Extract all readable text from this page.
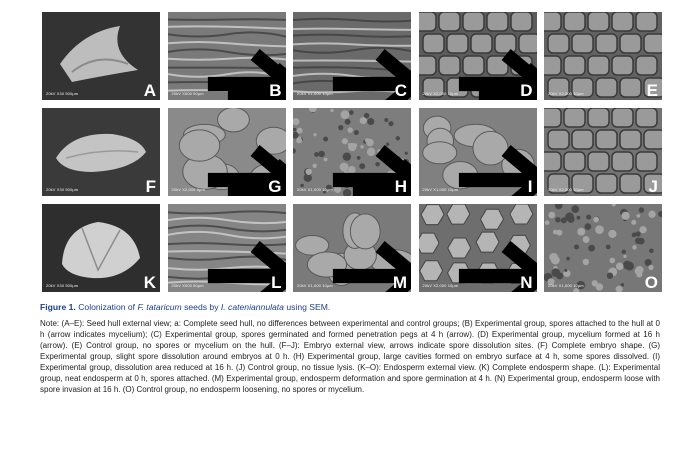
20kV X30 500µm	A	20kV X500 50µm	B	20kV X1,000 10µm	C	20kV X2,000 10µm	D	20kV X2,000 10µm	E
20kV X30 500µm	F	20kV X2,000 5µm	G	20kV X1,000 10µm	H	20kV X1,000 10µm	I	20kV X2,000 10µm	J
20kV X30 500µm	K	20kV X500 50µm	L	20kV X1,000 10µm	M	20kV X2,000 10µm	N	20kV X1,000 10µm	O

Figure 1. Colonization of F. tataricum seeds by I. cateniannulata using SEM.

Note: (A–E): Seed hull external view; a: Complete seed hull, no differences between experimental and control groups; (B) Experimental group, spores attached to the hull at 0 h (arrow indicates mycelium); (C) Experimental group, spores germinated and formed penetration pegs at 4 h (arrow). (D) Experimental group, mycelium formed at 16 h (arrow). (E) Control group, no spores or mycelium on the hull. (F–J): Embryo external view, arrows indicate spore dissolution sites. (F) Complete embryo shape. (G) Experimental group, slight spore dissolution around embryos at 0 h. (H) Experimental group, large cavities formed on embryo surface at 4 h, some spores dissolved. (I) Experimental group, dissolution area reduced at 16 h. (J) Control group, no tissue lysis. (K–O): Endosperm external view. (K) Complete endosperm shape. (L): Experimental group, neat endosperm at 0 h, spores attached. (M) Experimental group, endosperm deformation and spore germination at 4 h. (N) Experimental group, endosperm loose with spore invasion at 16 h. (O) Control group, no endosperm loosening, no spores or mycelium.
